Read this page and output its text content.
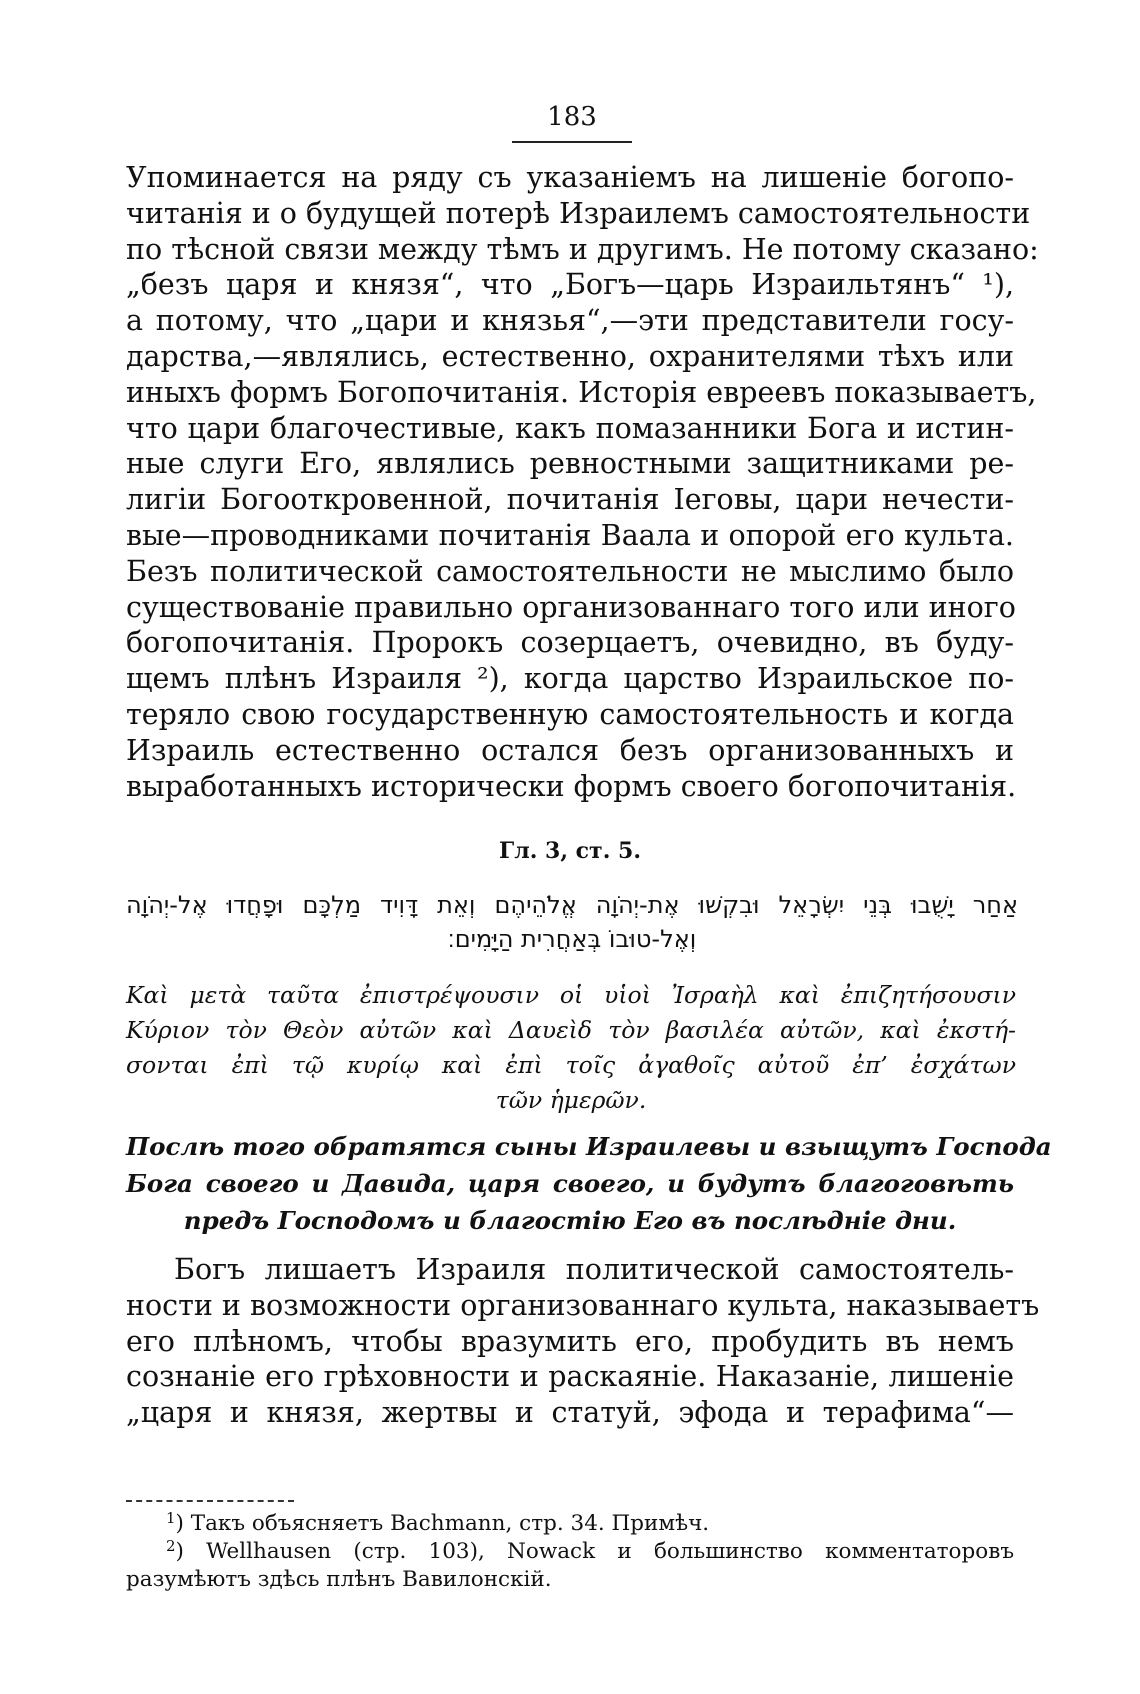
183
Упоминается на ряду съ указаніемъ на лишеніе богопо-
читанія и о будущей потерѣ Израилемъ самостоятельности
по тѣсной связи между тѣмъ и другимъ. Не потому сказано:
„безъ царя и князя“, что „Богъ—царь Израильтянъ“ ¹),
а потому, что „цари и князья“,—эти представители госу-
дарства,—являлись, естественно, охранителями тѣхъ или
иныхъ формъ Богопочитанія. Исторія евреевъ показываетъ,
что цари благочестивые, какъ помазанники Бога и истин-
ные слуги Его, являлись ревностными защитниками ре-
лигіи Богооткровенной, почитанія Іеговы, цари нечести-
вые—проводниками почитанія Ваала и опорой его культа.
Безъ политической самостоятельности не мыслимо было
существованіе правильно организованнаго того или иного
богопочитанія. Пророкъ созерцаетъ, очевидно, въ буду-
щемъ плѣнъ Израиля ²), когда царство Израильское по-
теряло свою государственную самостоятельность и когда
Израиль естественно остался безъ организованныхъ и
выработанныхъ исторически формъ своего богопочитанія.
Гл. 3, ст. 5.
אַחַר יָשֻׁבוּ בְּנֵי יִשְׂרָאֵל וּבִקְשׁוּ אֶת-יְהֹוָה אֱלֹהֵיהֶם וְאֵת דָּוִיד מַלְכָּם וּפָחֲדוּ אֶל-יְהֹוָה
וְאֶל-טוּבוֹ בְּאַחֲרִית הַיָּמִים׃
Καὶ μετὰ ταῦτα ἐπιστρέψουσιν οἱ υἱοὶ Ἰσραὴλ καὶ ἐπιζητήσουσιν
Κύριον τὸν Θεὸν αὐτῶν καὶ Δαυεὶδ τὸν βασιλέα αὐτῶν, καὶ ἐκστή-
σονται ἐπὶ τῷ κυρίῳ καὶ ἐπὶ τοῖς ἀγαθοῖς αὐτοῦ ἐπ’ ἐσχάτων
τῶν ἡμερῶν.
Послѣ того обратятся сыны Израилевы и взыщутъ Господа
Бога своего и Давида, царя своего, и будутъ благоговѣть
предъ Господомъ и благостію Его въ послѣдніе дни.
Богъ лишаетъ Израиля политической самостоятель-
ности и возможности организованнаго культа, наказываетъ
его плѣномъ, чтобы вразумить его, пробудить въ немъ
сознаніе его грѣховности и раскаяніе. Наказаніе, лишеніе
„царя и князя, жертвы и статуй, эфода и терафима“—
$^1$) Такъ объясняетъ Bachmann, стр. 34. Примѣч.
$^2$) Wellhausen (стр. 103), Nowack и большинство комментаторовъ
разумѣютъ здѣсь плѣнъ Вавилонскій.
